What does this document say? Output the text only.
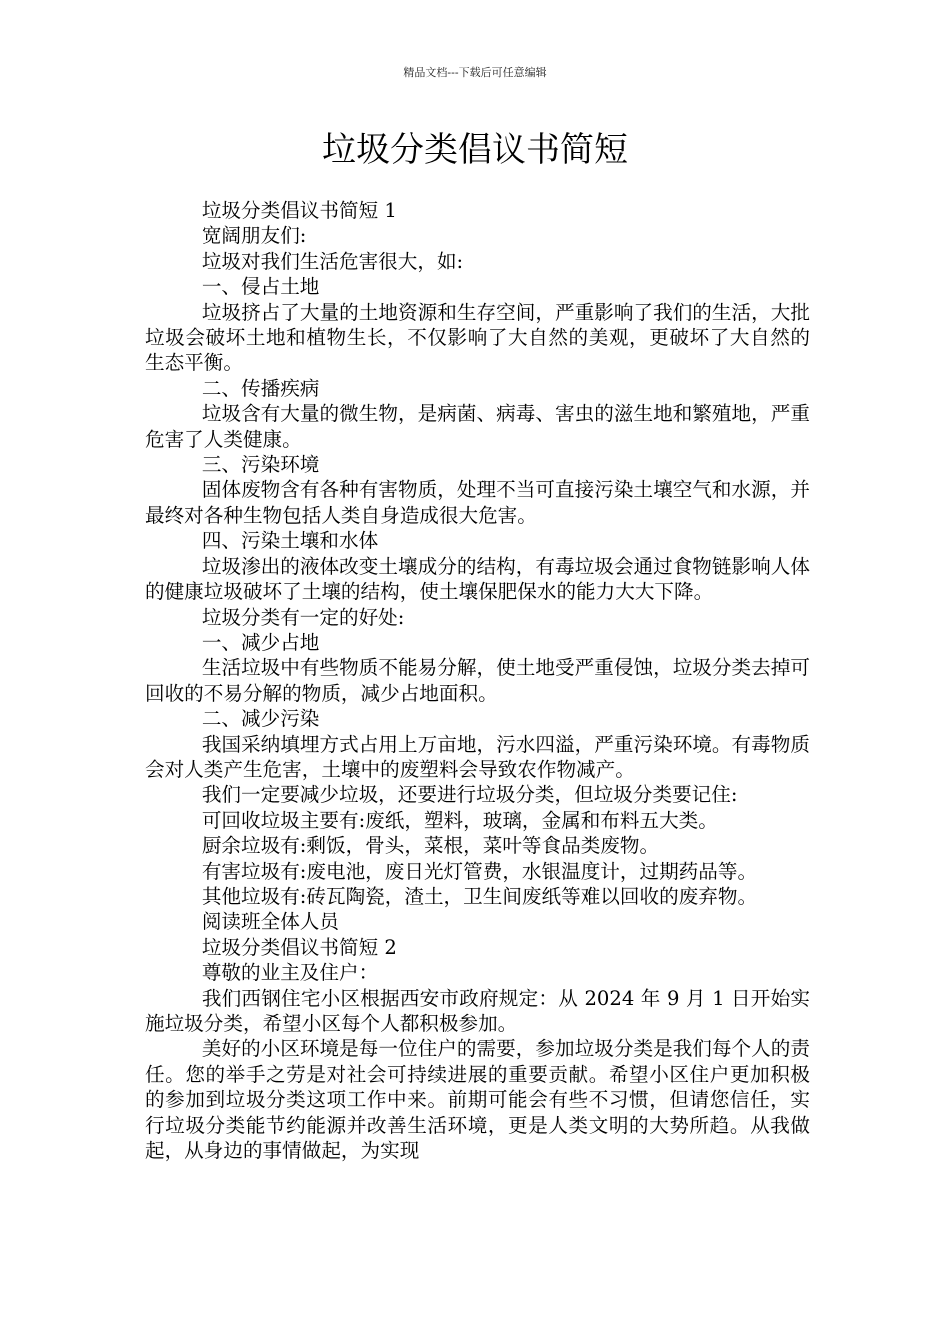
精品文档---下载后可任意编辑
垃圾分类倡议书简短

垃圾分类倡议书简短 1

宽阔朋友们:

垃圾对我们生活危害很大，如:

一、侵占土地

垃圾挤占了大量的土地资源和生存空间，严重影响了我们的生活，大批垃圾会破坏土地和植物生长，不仅影响了大自然的美观，更破坏了大自然的生态平衡。

二、传播疾病

垃圾含有大量的微生物，是病菌、病毒、害虫的滋生地和繁殖地，严重危害了人类健康。

三、污染环境

固体废物含有各种有害物质，处理不当可直接污染土壤空气和水源，并最终对各种生物包括人类自身造成很大危害。

四、污染土壤和水体

垃圾渗出的液体改变土壤成分的结构，有毒垃圾会通过食物链影响人体的健康垃圾破坏了土壤的结构，使土壤保肥保水的能力大大下降。

垃圾分类有一定的好处:

一、减少占地

生活垃圾中有些物质不能易分解，使土地受严重侵蚀，垃圾分类去掉可回收的不易分解的物质，减少占地面积。

二、减少污染

我国采纳填埋方式占用上万亩地，污水四溢，严重污染环境。有毒物质会对人类产生危害，土壤中的废塑料会导致农作物减产。

我们一定要减少垃圾，还要进行垃圾分类，但垃圾分类要记住:

可回收垃圾主要有:废纸，塑料，玻璃，金属和布料五大类。

厨余垃圾有:剩饭，骨头，菜根，菜叶等食品类废物。

有害垃圾有:废电池，废日光灯管费，水银温度计，过期药品等。

其他垃圾有:砖瓦陶瓷，渣土，卫生间废纸等难以回收的废弃物。

阅读班全体人员

垃圾分类倡议书简短 2

尊敬的业主及住户：

我们西钢住宅小区根据西安市政府规定：从 2024 年 9 月 1 日开始实施垃圾分类，希望小区每个人都积极参加。

美好的小区环境是每一位住户的需要，参加垃圾分类是我们每个人的责任。您的举手之劳是对社会可持续进展的重要贡献。希望小区住户更加积极的参加到垃圾分类这项工作中来。前期可能会有些不习惯，但请您信任，实行垃圾分类能节约能源并改善生活环境，更是人类文明的大势所趋。从我做起，从身边的事情做起，为实现
